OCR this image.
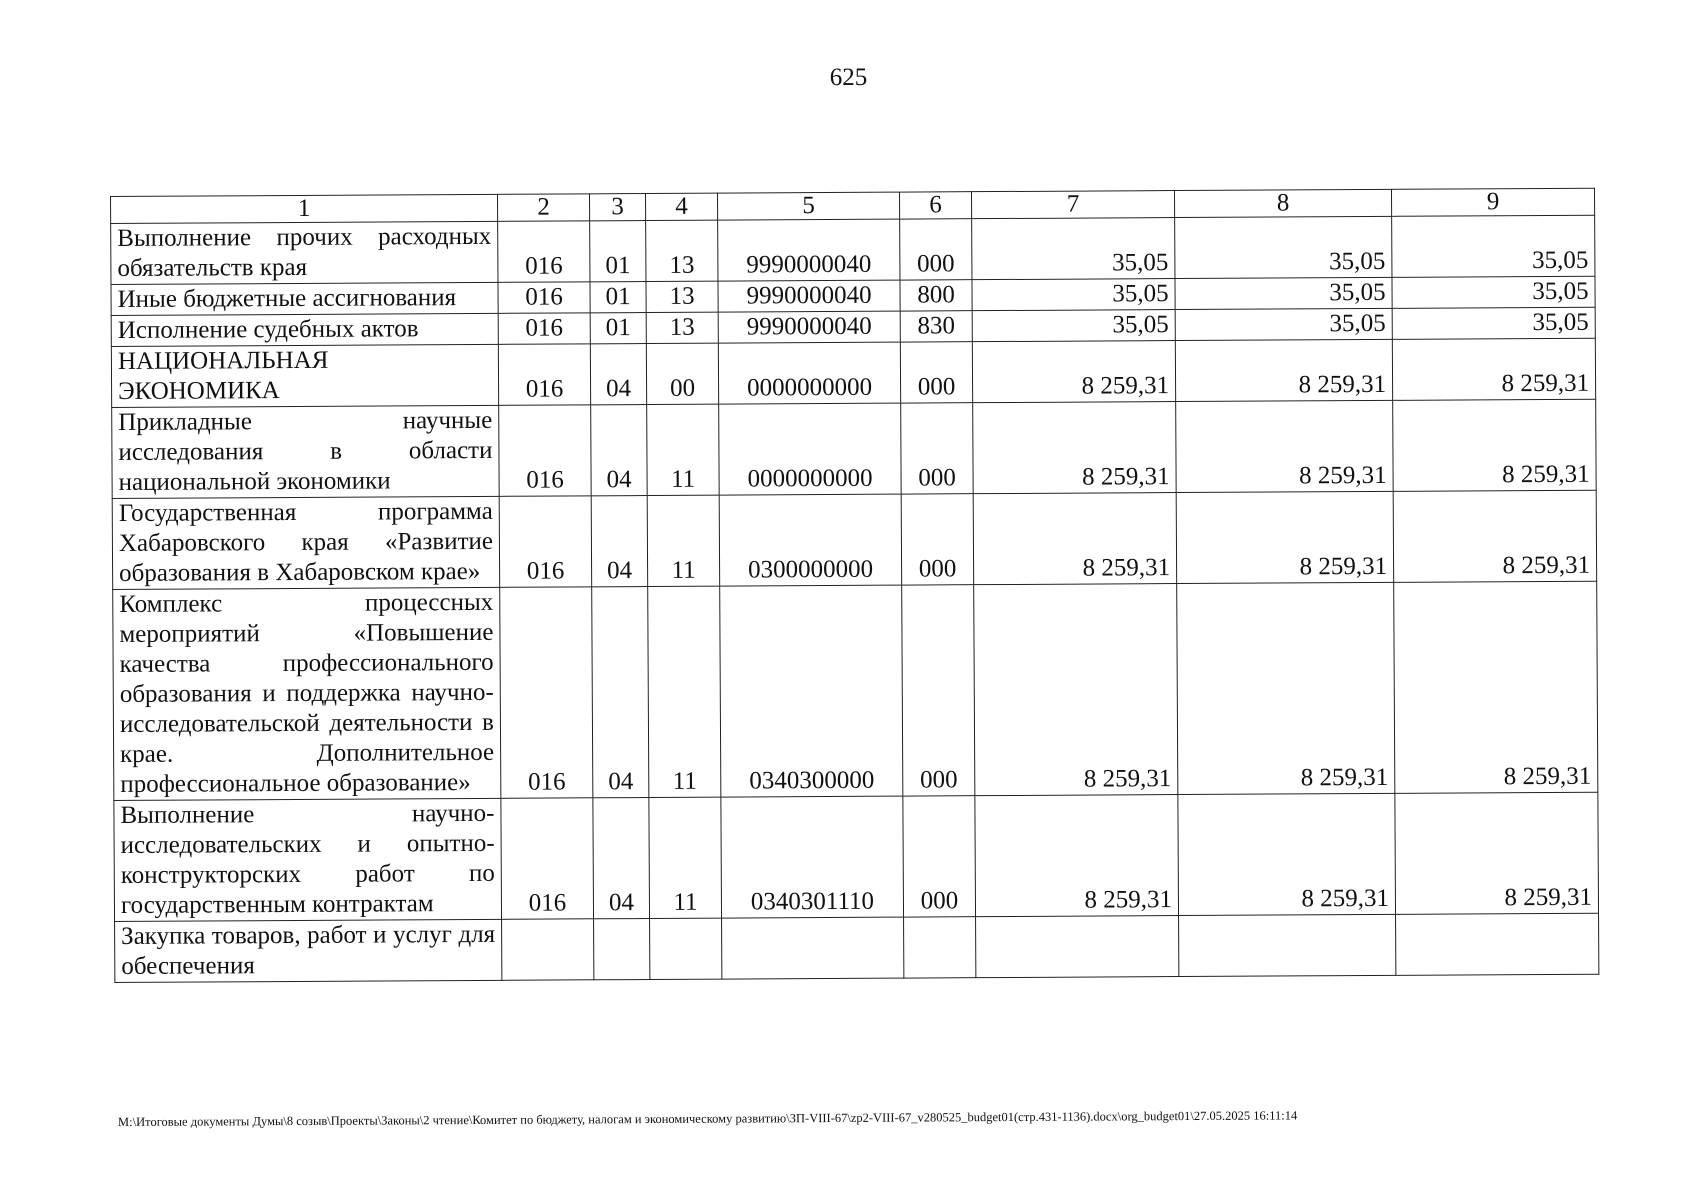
625
1	2	3	4	5	6	7	8	9
Выполнение прочих расходных обязательств края	016	01	13	9990000040	000	35,05	35,05	35,05
Иные бюджетные ассигнования	016	01	13	9990000040	800	35,05	35,05	35,05
Исполнение судебных актов	016	01	13	9990000040	830	35,05	35,05	35,05
НАЦИОНАЛЬНАЯ ЭКОНОМИКА	016	04	00	0000000000	000	8 259,31	8 259,31	8 259,31
Прикладные научные исследования в области национальной экономики	016	04	11	0000000000	000	8 259,31	8 259,31	8 259,31
Государственная программа Хабаровского края «Развитие образования в Хабаровском крае»	016	04	11	0300000000	000	8 259,31	8 259,31	8 259,31
Комплекс процессных мероприятий «Повышение качества профессионального образования и поддержка научно-исследовательской деятельности в крае. Дополнительное профессиональное образование»	016	04	11	0340300000	000	8 259,31	8 259,31	8 259,31
Выполнение научно-исследовательских и опытно-конструкторских работ по государственным контрактам	016	04	11	0340301110	000	8 259,31	8 259,31	8 259,31
Закупка товаров, работ и услуг для обеспечения								
M:\Итоговые документы Думы\8 созыв\Проекты\Законы\2 чтение\Комитет по бюджету, налогам и экономическому развитию\ЗП-VIII-67\zp2-VIII-67_v280525_budget01(стр.431-1136).docx\org_budget01\27.05.2025 16:11:14
